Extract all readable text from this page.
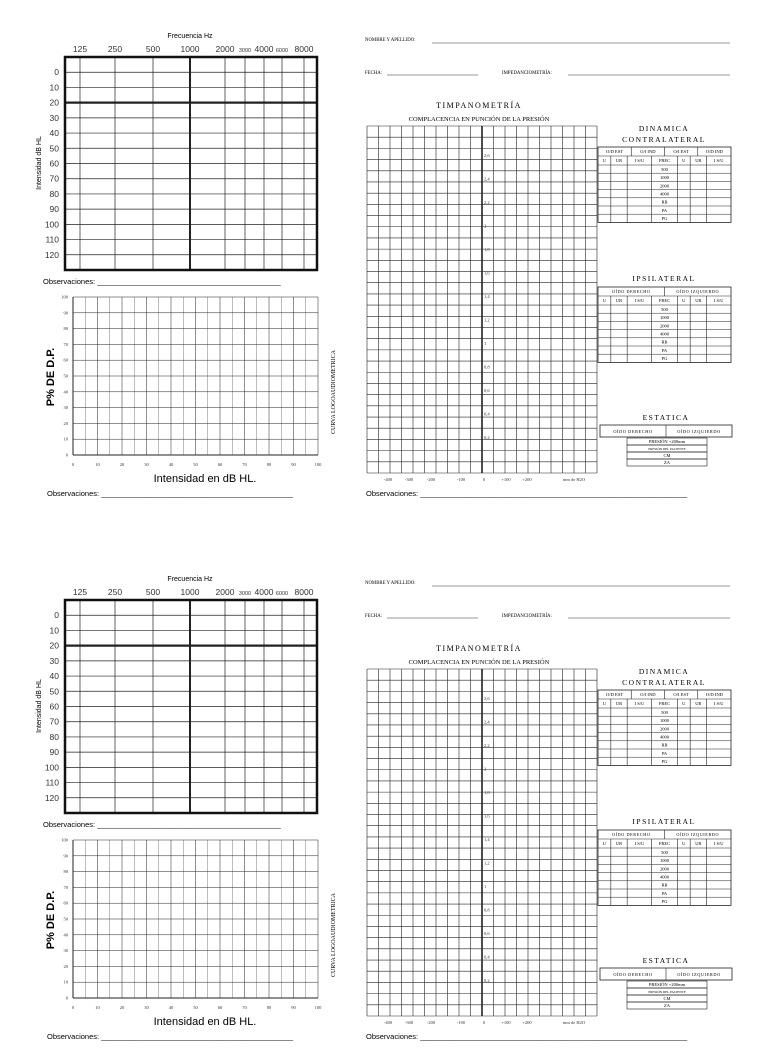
Frecuencia Hz
125 250	500 1000 2000 3000 4000 6000 8000
0
10
20
30
40
50
60
70
80
90
100
110
120
Intensidad dB HL
Observaciones: ____________________________________________
100
90
80
70
60
50
40
30
20
10
0
0	10	20	30	40	50	60	70	80	90	100
P% DE D.P.
Intensidad en dB HL.
CURVA LOGOAUDIOMETRICA
Observaciones: ______________________________________________
NOMBRE Y APELLIDO:
FECHA:	IMPEDANCIOMETRÍA:
TIMPANOMETRÍA
COMPLACENCIA EN PUNCIÓN DE LA PRESIÓN
2,6
2,4
2,2
2
1,8
1,6
1,4
1,2
1
0,8
0,6
0,4
0,2
-400	-300	-200	-100	0	+100	+200	mm de H2O
Observaciones: ________________________________________________________________
DINAMICA
CONTRALATERAL
O/D EST	O/I IND	O/I EST	O/D IND
U UR	I S/U	FREC	U UR	I S/U
500
1000
2000
4000
RB
PA
PG
IPSILATERAL
OÍDO DERECHO	OÍDO IZQUIERDO
U UR	I S/U	FREC	U UR	I S/U
500
1000
2000
4000
RB
PA
PG
ESTATICA
OÍDO DERECHO	OÍDO IZQUIERDO
PRESIÓN +200mm
PRESIÓN DEL PACIENTE
CM
ZA
Frecuencia Hz
125 250	500 1000 2000 3000 4000 6000 8000
0
10
20
30
40
50
60
70
80
90
100
110
120
Intensidad dB HL
Observaciones: ____________________________________________
100
90
80
70
60
50
40
30
20
10
0
0	10	20	30	40	50	60	70	80	90	100
P% DE D.P.
Intensidad en dB HL.
CURVA LOGOAUDIOMETRICA
Observaciones: ______________________________________________
NOMBRE Y APELLIDO:
FECHA:	IMPEDANCIOMETRÍA:
TIMPANOMETRÍA
COMPLACENCIA EN PUNCIÓN DE LA PRESIÓN
2,6
2,4
2,2
2
1,8
1,6
1,4
1,2
1
0,8
0,6
0,4
0,2
-400	-300	-200	-100	0	+100	+200	mm de H2O
Observaciones: ________________________________________________________________
DINAMICA
CONTRALATERAL
O/D EST	O/I IND	O/I EST	O/D IND
U UR	I S/U	FREC	U UR	I S/U
500
1000
2000
4000
RB
PA
PG
IPSILATERAL
OÍDO DERECHO	OÍDO IZQUIERDO
U UR	I S/U	FREC	U UR	I S/U
500
1000
2000
4000
RB
PA
PG
ESTATICA
OÍDO DERECHO	OÍDO IZQUIERDO
PRESIÓN +200mm
PRESIÓN DEL PACIENTE
CM
ZA
